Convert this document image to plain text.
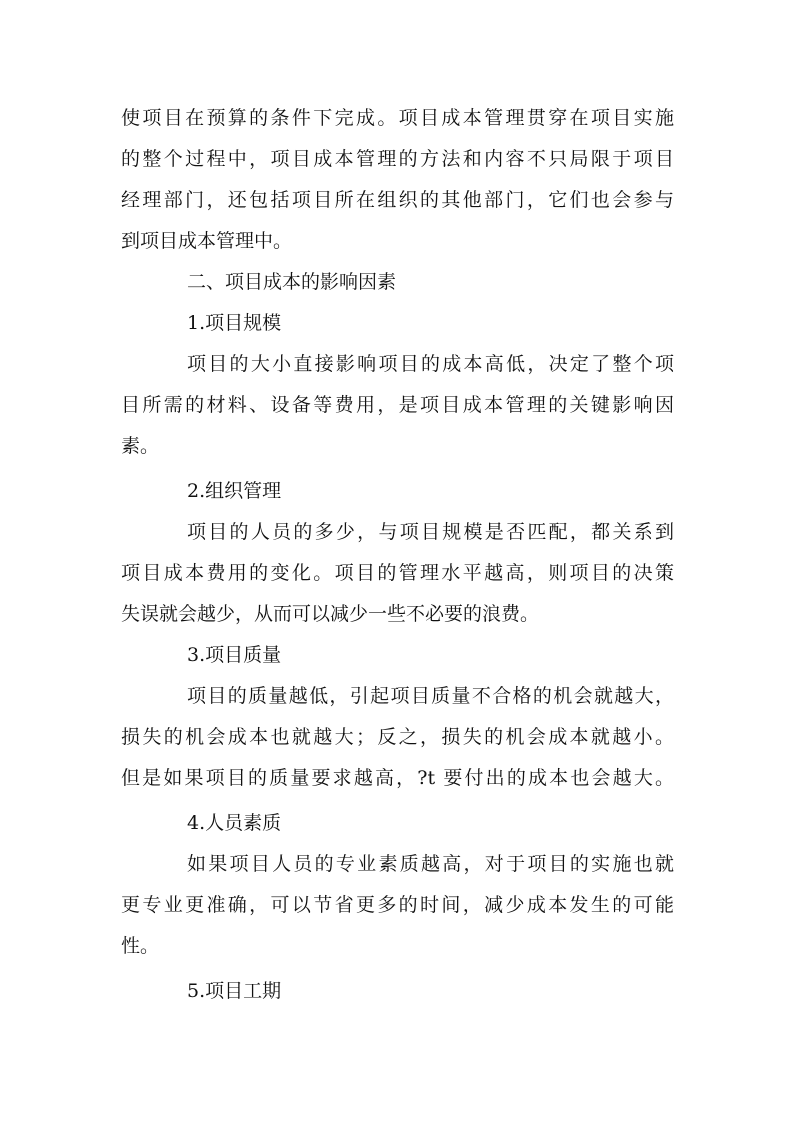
使项目在预算的条件下完成。项目成本管理贯穿在项目实施

的整个过程中，项目成本管理的方法和内容不只局限于项目

经理部门，还包括项目所在组织的其他部门，它们也会参与

到项目成本管理中。

二、项目成本的影响因素

1.项目规模

项目的大小直接影响项目的成本高低，决定了整个项

目所需的材料、设备等费用，是项目成本管理的关键影响因

素。

2.组织管理

项目的人员的多少，与项目规模是否匹配，都关系到

项目成本费用的变化。项目的管理水平越高，则项目的决策

失误就会越少，从而可以减少一些不必要的浪费。

3.项目质量

项目的质量越低，引起项目质量不合格的机会就越大，

损失的机会成本也就越大；反之，损失的机会成本就越小。

但是如果项目的质量要求越高，?t 要付出的成本也会越大。

4.人员素质

如果项目人员的专业素质越高，对于项目的实施也就

更专业更准确，可以节省更多的时间，减少成本发生的可能

性。

5.项目工期
